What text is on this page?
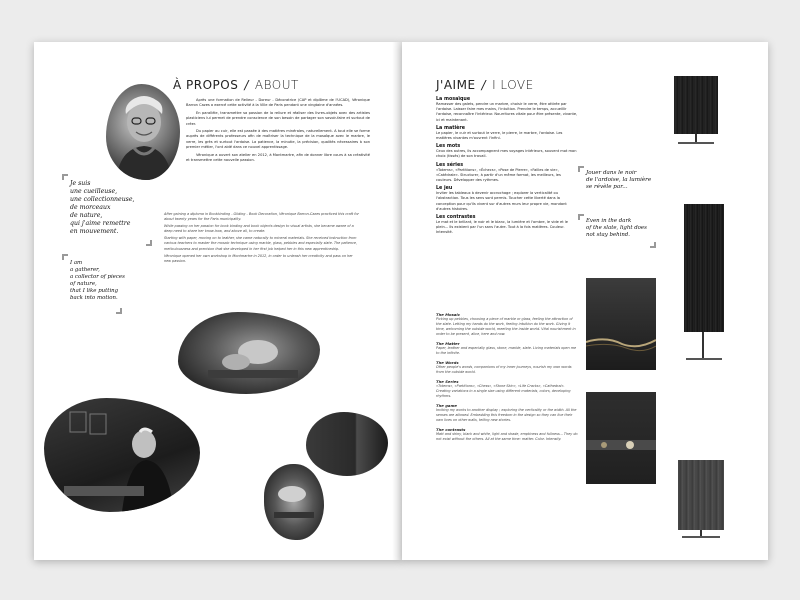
À PROPOS / ABOUT

Après une formation de Relieur - Doreur - Décoratrice (CAP et diplôme de l'UCAD), Véronique Barron Cazes a exercé cette activité à la Ville de Paris pendant une vingtaine d'années.

En parallèle, transmettre sa passion de la reliure et réaliser des livres-objets avec des artistes plasticiens lui permet de prendre conscience de son besoin de partager son savoir-faire et surtout de créer.

Du papier au cuir, elle est passée à des matières minérales, naturellement. A tout elle se forme auprès de différents professeurs afin de maîtriser la technique de la mosaïque avec le marbre, le verre, les grès et surtout l'ardoise. La patience, la minutie, la précision, qualités nécessaires à son premier métier, l'ont aidé dans ce nouvel apprentissage.

Véronique a ouvert son atelier en 2012, à Montmartre, afin de donner libre cours à sa créativité et transmettre cette nouvelle passion.

After gaining a diploma in Bookbinding - Gilding - Book Decoration, Véronique Barron-Cazes practiced this craft for about twenty years for the Paris municipality.

While passing on her passion for book binding and book objects design to visual artists, she became aware of a deep need to share her know-how, and above all, to create.

Starting with paper, moving on to leather, she came naturally to mineral materials. She received instruction from various teachers to master the mosaic technique using marble, glass, pebbles and especially slate. The patience, meticulousness and precision that she developed in her first job helped her in this new apprenticeship.

Véronique opened her own workshop in Montmartre in 2012, in order to unleash her creativity and pass on her new passion.

Je suis
une cueilleuse,
une collectionneuse,
de morceaux
de nature,
qui j'aime remettre
en mouvement.
I am
a gatherer,
a collector of pieces
of nature,
that I like putting
back into motion.
J'AIME / I LOVE
La mosaïque
Ramasser des galets, pendre un marbre, choisir le verre, être attirée par l'ardoise. Laisser faire mes mains, l'intuition. Prendre le temps, accueillir l'ardoise, reconnaître l'intérieur. Nourritures vitale pour être présente, vivante, ici et maintenant.
La matière
Le papier, le cuir et surtout le verre, le pierre, le marbre, l'ardoise. Les matières vivantes m'ouvrent l'infini.
Les mots
Ceux des autres, ils accompagnent mes voyages intérieurs, souvent mot mon choix (tissés) de son travail.
Les séries
«Totems», «Partitions», «Échecs», «Pose de Pierre», «Failles de vie», «Catédrale». Structurer, à partir d'un même format, les meilleurs, les couleurs. Développer des rythmes.
Le jeu
Inviter les tableaux à devenir accrochage ; explorer la verticalité ou l'abstraction. Tous les sens sont permis. Toucher cette liberté dans la conception pour qu'ils vivent sur d'autres murs leur propre vie, mondant d'autres histoires.
Les contrastes
Le mat et le brillant, le noir et le blanc, la lumière et l'ombre, le vide et le plein... Ils existent par l'un sans l'autre. Tout à la fois matières. Couleur. Intensité.
The Mosaic
Picking up pebbles, choosing a piece of marble or glass, feeling the attraction of the slate. Letting my hands do the work, feeling intuition do the work. Giving it time, welcoming the outside world, meeting the inside world. Vital nourishment in order to be present, alive, here and now.
The Matter
Paper, leather and especially glass, stone, marble, slate. Living materials open me to the infinite.
The Words
Other people's words, companions of my inner journeys, nourish my own words from the outside world.
The Series
«Totems», «Partitions», «Chess», «Stone Skin», «Life Cracks», «Cathedral». Creating variations in a single size using different materials, colors, developing rhythms.
The game
Inviting my works to another display ; exploring the verticality or the width. All the senses are allowed. Embedding this freedom in the design so they can live their own lives on other walls, telling new stories.
The contrasts
Matt and shiny, black and white, light and shade, emptiness and fullness... They do not exist without the others. All at the same time: matter. Color. Intensity.
Jouer dans le noir
de l'ardoise, la lumière
se révèle par...
Even in the dark
of the slate, light does
not stay behind.
